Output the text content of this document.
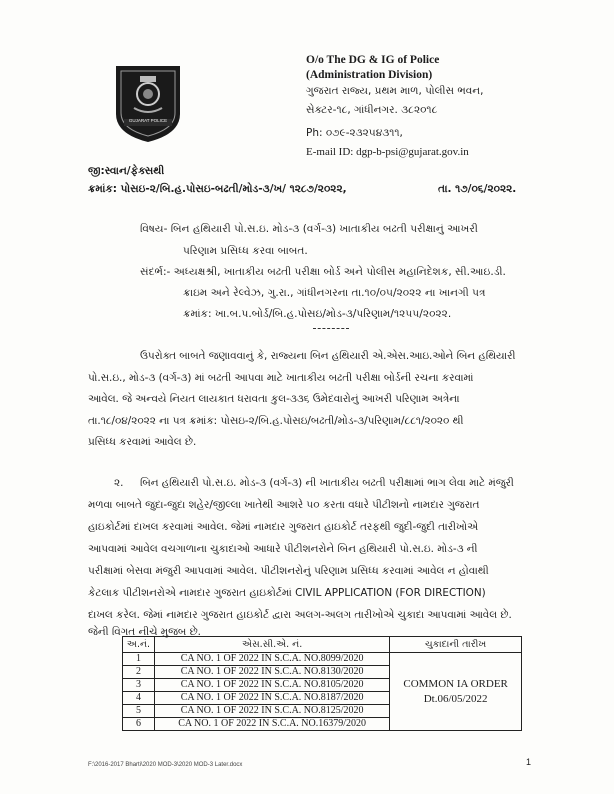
GUJARAT POLICE
O/o The DG & IG of Police
(Administration Division)
ગુજરાત રાજ્ય, પ્રથમ માળ, પોલીસ ભવન,
સેક્ટર-૧૮, ગાંધીનગર. ૩૮૨૦૧૮
Ph: ૦૭૯-૨૩૨૫૪૩૧૧,
E-mail ID: dgp-b-psi@gujarat.gov.in
જી:સ્વાન/ફેક્સથી
ક્રમાંક: પોસઇ-૨/બિ.હ.પોસઇ-બઢતી/મોડ-૩/ખ/ ૧૨૮૭/૨૦૨૨,	તા. ૧૭/૦૬/૨૦૨૨.
વિષય- બિન હથિયારી પો.સ.ઇ. મોડ-૩ (વર્ગ-૩) ખાતાકીય બઢતી પરીક્ષાનું આખરી
પરિણામ પ્રસિધ્ધ કરવા બાબત.
સંદર્ભ:- અધ્યક્ષશ્રી, ખાતાકીય બઢતી પરીક્ષા બોર્ડ અને પોલીસ મહાનિદેશક, સી.આઇ.ડી.
ક્રાઇમ અને રેલ્વેઝ, ગુ.રા., ગાંધીનગરના તા.૧૦/૦૫/૨૦૨૨ ના ખાનગી પત્ર
ક્રમાંક: ખા.બ.પ.બોર્ડ/બિ.હ.પોસઇ/મોડ-૩/પરિણામ/૧૨૫૫/૨૦૨૨.
ઉપરોક્ત બાબતે જણાવવાનું કે, રાજ્યના બિન હથિયારી એ.એસ.આઇ.ઓને બિન હથિયારી
પો.સ.ઇ., મોડ-૩ (વર્ગ-૩) માં બઢતી આપવા માટે ખાતાકીય બઢતી પરીક્ષા બોર્ડની રચના કરવામાં
આવેલ. જે અન્વયે નિયત લાયકાત ધરાવતા કુલ-૩૩૬ ઉમેદવારોનું આખરી પરિણામ અત્રેના
તા.૧૮/૦૪/૨૦૨૨ ના પત્ર ક્રમાંક: પોસઇ-૨/બિ.હ.પોસઇ/બઢતી/મોડ-૩/પરિણામ/૮૮૧/૨૦૨૦ થી
પ્રસિધ્ધ કરવામાં આવેલ છે.
૨. બિન હથિયારી પો.સ.ઇ. મોડ-૩ (વર્ગ-૩) ની ખાતાકીય બઢતી પરીક્ષામાં ભાગ લેવા માટે મંજુરી
મળવા બાબતે જુદા-જુદા શહેર/જીલ્લા ખાતેથી આશરે ૫૦ કરતા વધારે પીટીશનો નામદાર ગુજરાત
હાઇકોર્ટમાં દાખલ કરવામાં આવેલ. જેમાં નામદાર ગુજરાત હાઇકોર્ટ તરફથી જુદી-જુદી તારીખોએ
આપવામાં આવેલ વચગાળાના ચુકાદાઓ આધારે પીટીશનરોને બિન હથિયારી પો.સ.ઇ. મોડ-૩ ની
પરીક્ષામાં બેસવા મંજુરી આપવામાં આવેલ. પીટીશનરોનું પરિણામ પ્રસિધ્ધ કરવામાં આવેલ ન હોવાથી
કેટલાક પીટીશનરોએ નામદાર ગુજરાત હાઇકોર્ટમાં CIVIL APPLICATION (FOR DIRECTION)
દાખલ કરેલ. જેમાં નામદાર ગુજરાત હાઇકોર્ટ દ્વારા અલગ-અલગ તારીખોએ ચુકાદા આપવામાં આવેલ છે.
જેની વિગત નીચે મુજબ છે.
અ.નં.	એસ.સી.એ. નં.	ચુકાદાની તારીખ
1	CA NO. 1 OF 2022 IN S.C.A. NO.8099/2020	COMMON IA ORDER
Dt.06/05/2022

2	CA NO. 1 OF 2022 IN S.C.A. NO.8130/2020	
3	CA NO. 1 OF 2022 IN S.C.A. NO.8105/2020	
4	CA NO. 1 OF 2022 IN S.C.A. NO.8187/2020	
5	CA NO. 1 OF 2022 IN S.C.A. NO.8125/2020	
6	CA NO. 1 OF 2022 IN S.C.A. NO.16379/2020	
F:\2016-2017 Bharti\2020 MOD-3\2020 MOD-3 Later.docx	1
